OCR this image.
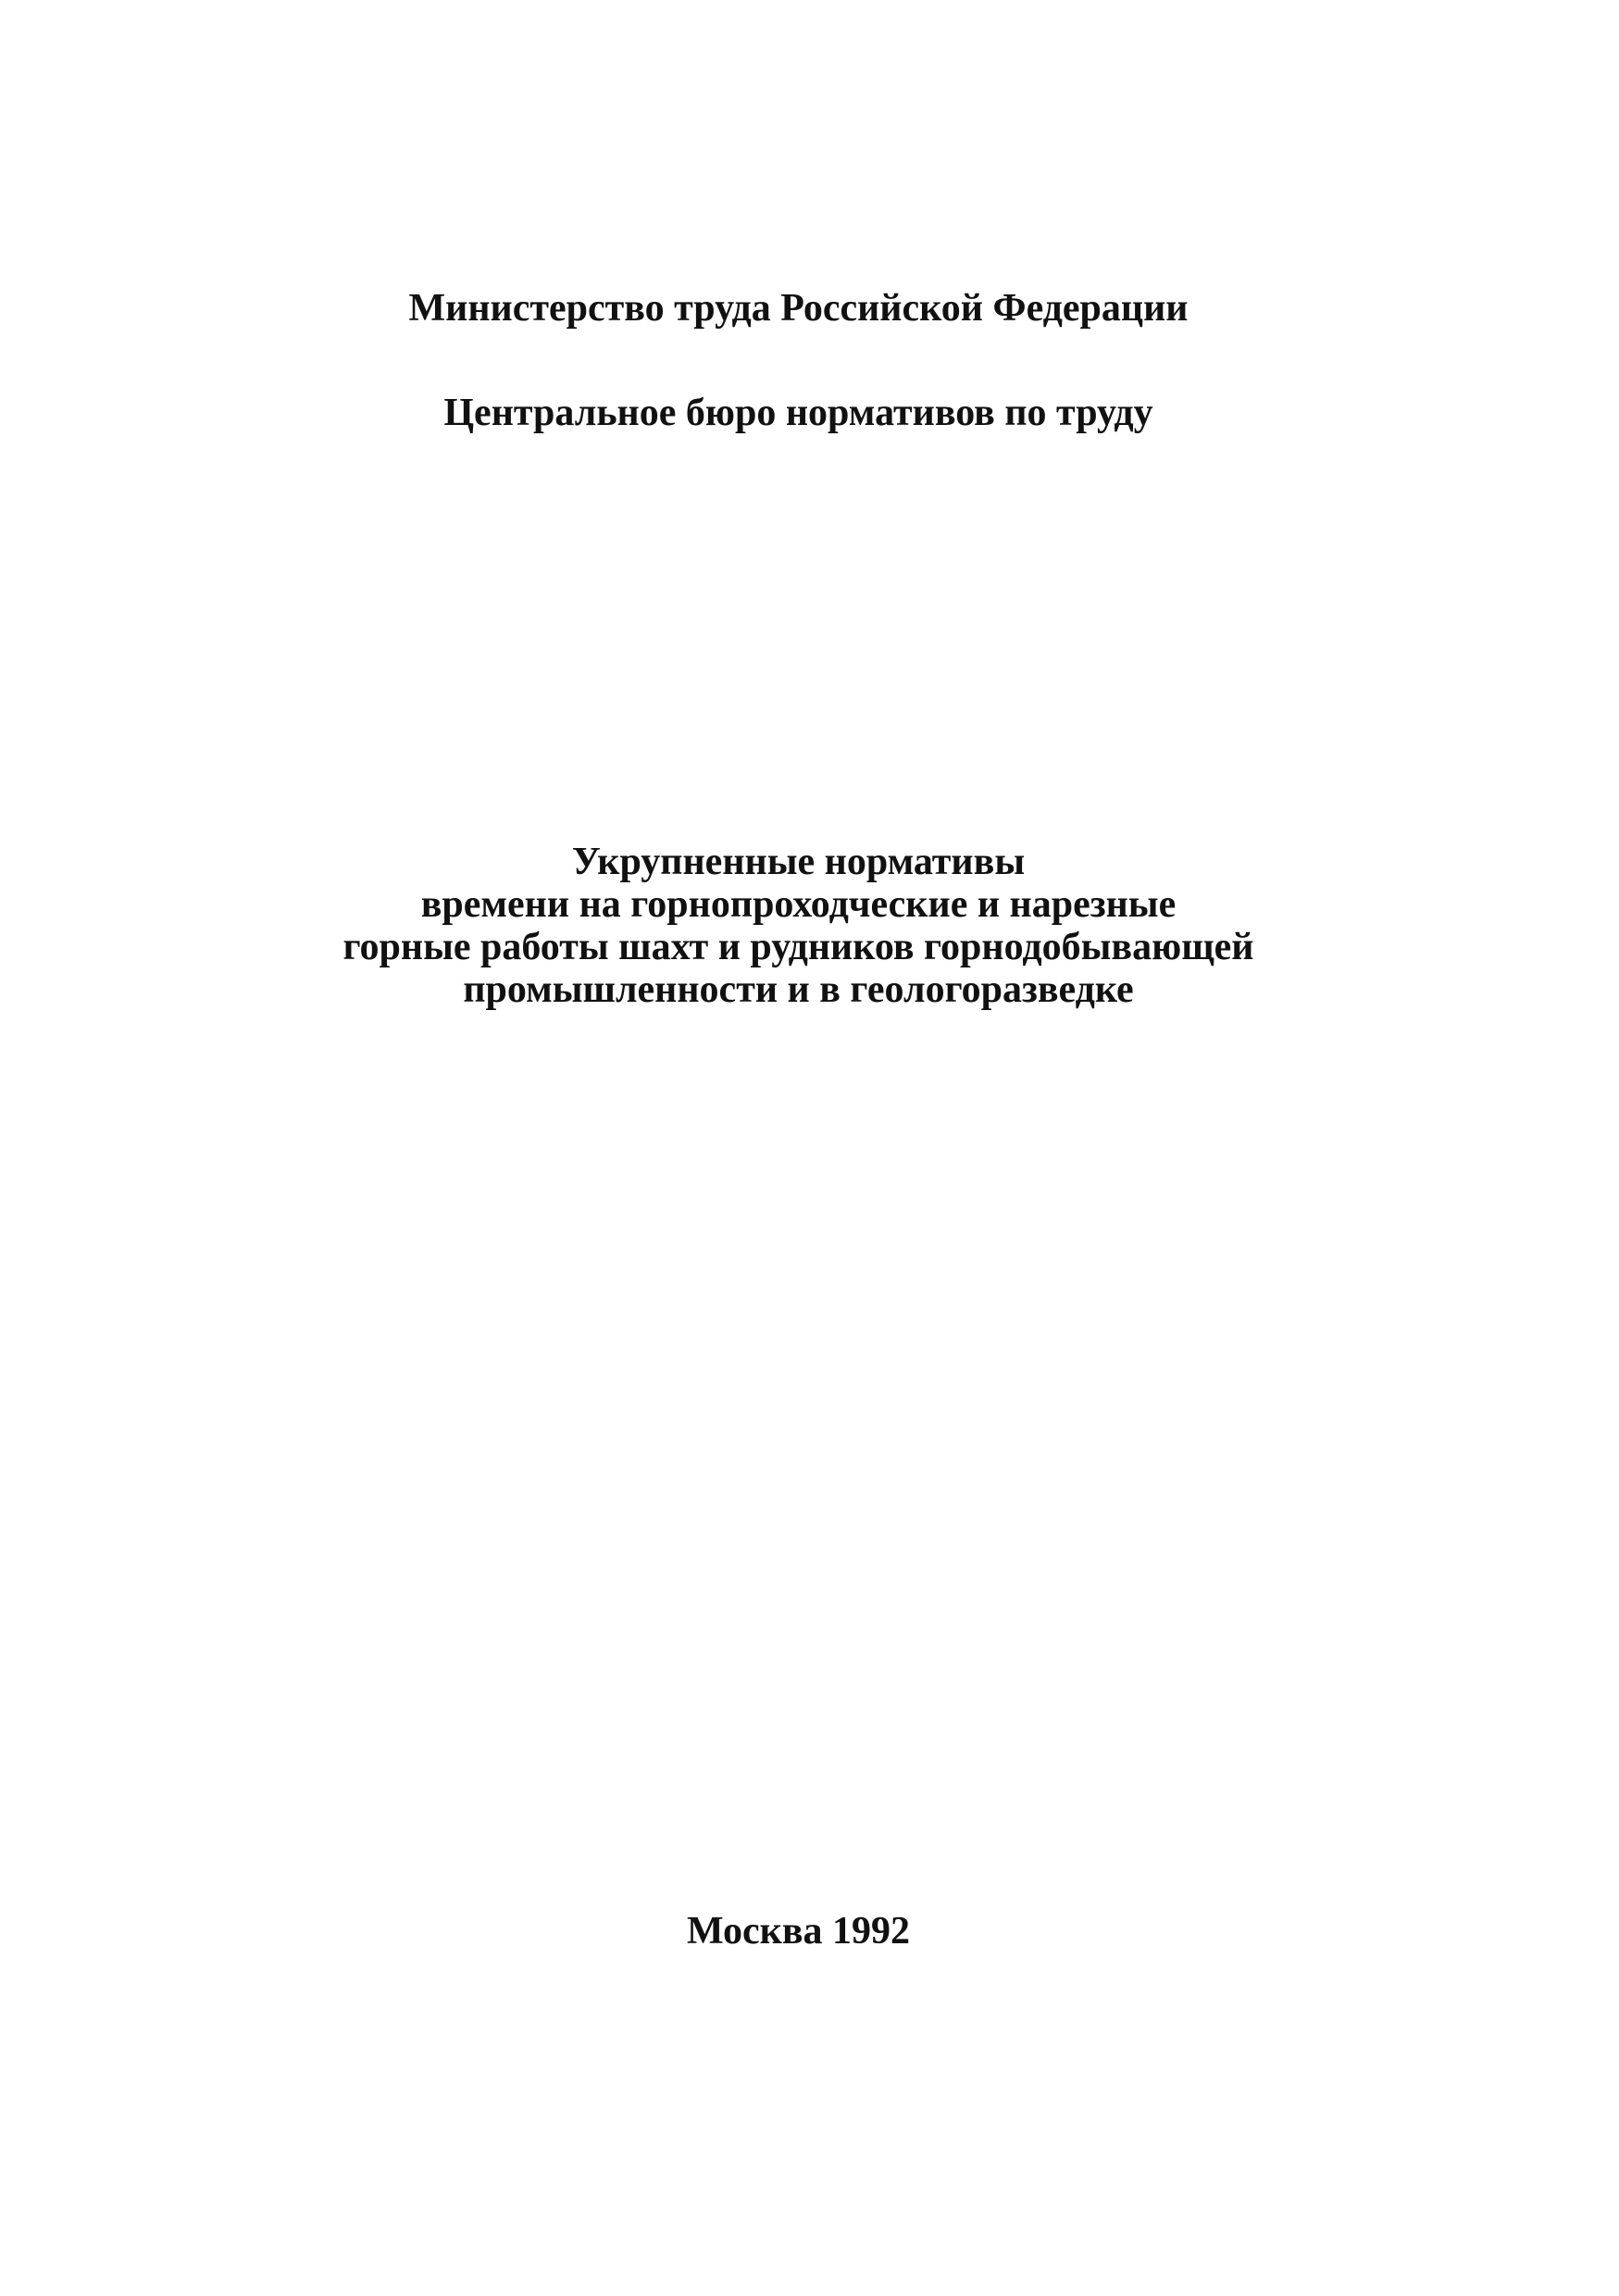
Министерство труда Российской Федерации
Центральное бюро нормативов по труду
Укрупненные нормативы
времени на горнопроходческие и нарезные
горные работы шахт и рудников горнодобывающей
промышленности и в геологоразведке
Москва 1992
